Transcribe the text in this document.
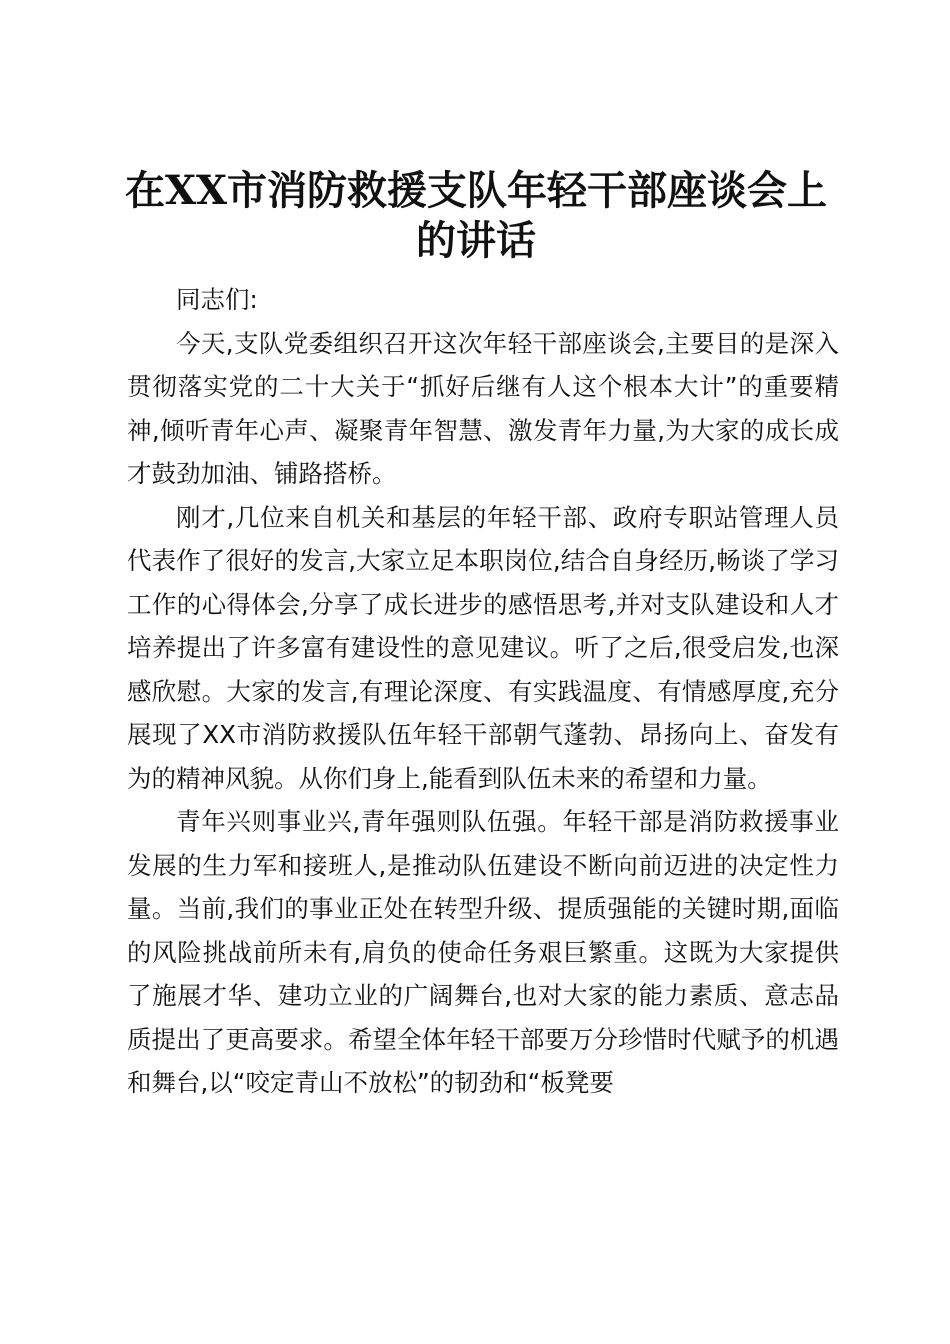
在XX市消防救援支队年轻干部座谈会上的讲话

同志们:

今天,支队党委组织召开这次年轻干部座谈会,主要目的是深入贯彻落实党的二十大关于“抓好后继有人这个根本大计”的重要精神,倾听青年心声、凝聚青年智慧、激发青年力量,为大家的成长成才鼓劲加油、铺路搭桥。

刚才,几位来自机关和基层的年轻干部、政府专职站管理人员代表作了很好的发言,大家立足本职岗位,结合自身经历,畅谈了学习工作的心得体会,分享了成长进步的感悟思考,并对支队建设和人才培养提出了许多富有建设性的意见建议。听了之后,很受启发,也深感欣慰。大家的发言,有理论深度、有实践温度、有情感厚度,充分展现了XX市消防救援队伍年轻干部朝气蓬勃、昂扬向上、奋发有为的精神风貌。从你们身上,能看到队伍未来的希望和力量。

青年兴则事业兴,青年强则队伍强。年轻干部是消防救援事业发展的生力军和接班人,是推动队伍建设不断向前迈进的决定性力量。当前,我们的事业正处在转型升级、提质强能的关键时期,面临的风险挑战前所未有,肩负的使命任务艰巨繁重。这既为大家提供了施展才华、建功立业的广阔舞台,也对大家的能力素质、意志品质提出了更高要求。希望全体年轻干部要万分珍惜时代赋予的机遇和舞台,以“咬定青山不放松”的韧劲和“板凳要
